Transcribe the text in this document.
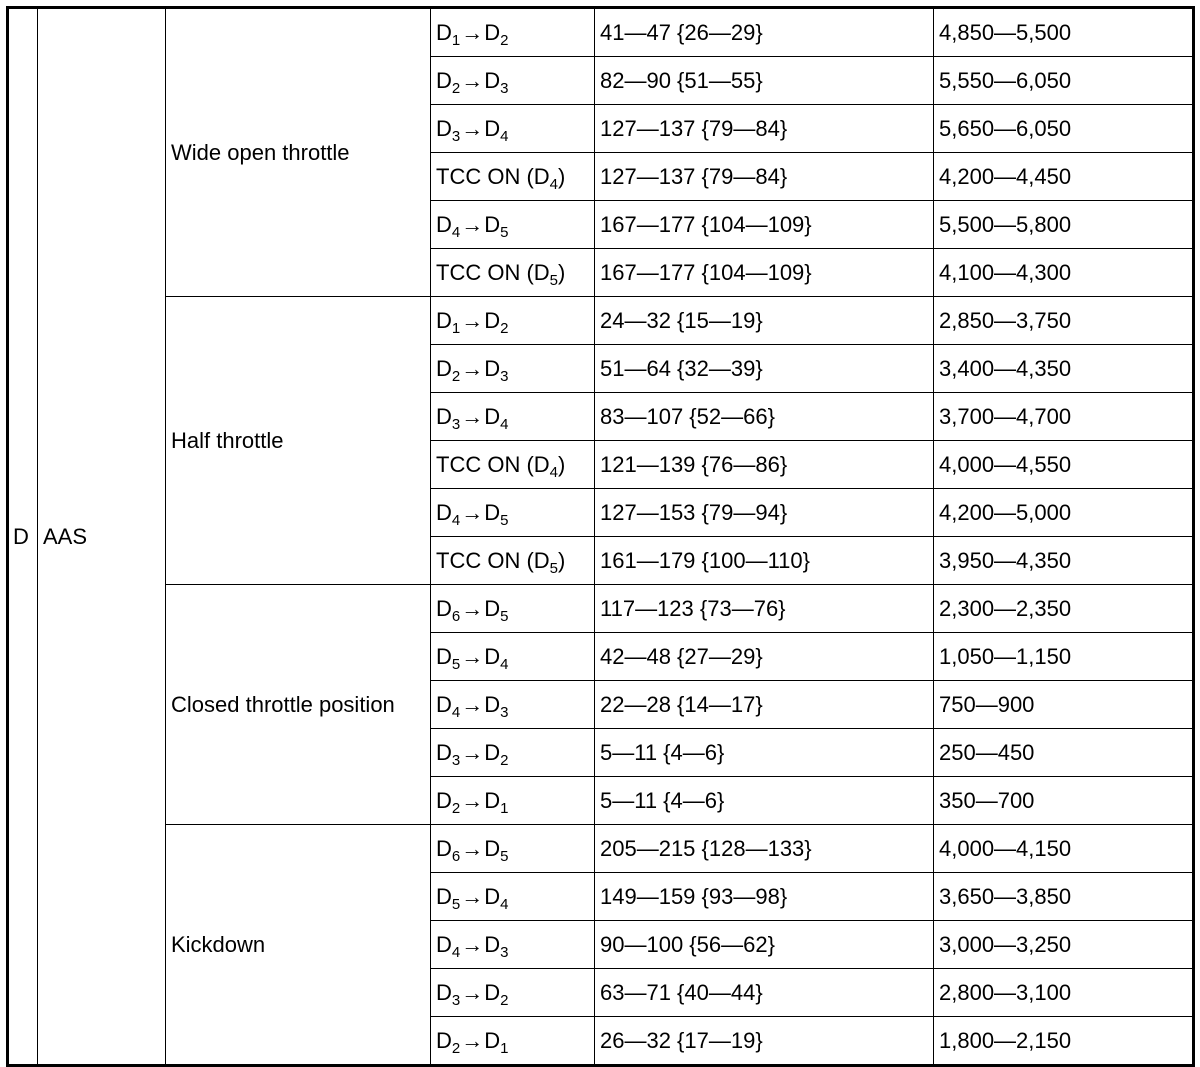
D	AAS	Wide open throttle	$D_1\to D_2$	41—47 {26—29}	4,850—5,500
			$D_2\to D_3$	82—90 {51—55}	5,550—6,050
			$D_3\to D_4$	127—137 {79—84}	5,650—6,050
			TCC ON $(D_4)$	127—137 {79—84}	4,200—4,450
			$D_4\to D_5$	167—177 {104—109}	5,500—5,800
			TCC ON $(D_5)$	167—177 {104—109}	4,100—4,300
		Half throttle	$D_1\to D_2$	24—32 {15—19}	2,850—3,750
			$D_2\to D_3$	51—64 {32—39}	3,400—4,350
			$D_3\to D_4$	83—107 {52—66}	3,700—4,700
			TCC ON $(D_4)$	121—139 {76—86}	4,000—4,550
			$D_4\to D_5$	127—153 {79—94}	4,200—5,000
			TCC ON $(D_5)$	161—179 {100—110}	3,950—4,350
		Closed throttle position	$D_6\to D_5$	117—123 {73—76}	2,300—2,350
			$D_5\to D_4$	42—48 {27—29}	1,050—1,150
			$D_4\to D_3$	22—28 {14—17}	750—900
			$D_3\to D_2$	5—11 {4—6}	250—450
			$D_2\to D_1$	5—11 {4—6}	350—700
		Kickdown	$D_6\to D_5$	205—215 {128—133}	4,000—4,150
			$D_5\to D_4$	149—159 {93—98}	3,650—3,850
			$D_4\to D_3$	90—100 {56—62}	3,000—3,250
			$D_3\to D_2$	63—71 {40—44}	2,800—3,100
			$D_2\to D_1$	26—32 {17—19}	1,800—2,150
